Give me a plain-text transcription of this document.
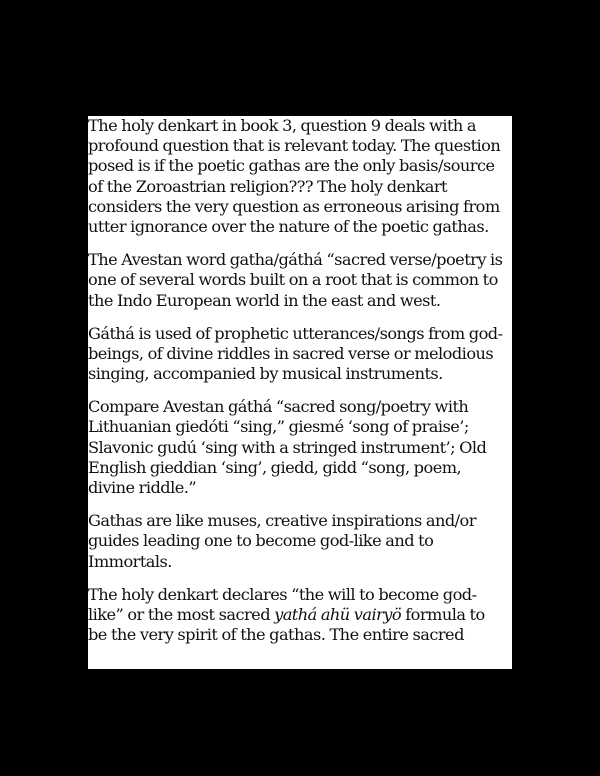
The holy denkart in book 3, question 9 deals with a
profound question that is relevant today. The question
posed is if the poetic gathas are the only basis/source
of the Zoroastrian religion??? The holy denkart
considers the very question as erroneous arising from
utter ignorance over the nature of the poetic gathas.
The Avestan word gatha/gáthá “sacred verse/poetry is
one of several words built on a root that is common to
the Indo European world in the east and west.
Gáthá is used of prophetic utterances/songs from god-
beings, of divine riddles in sacred verse or melodious
singing, accompanied by musical instruments.
Compare Avestan gáthá “sacred song/poetry with
Lithuanian giedóti “sing,” giesmé ‘song of praise’;
Slavonic gudú ‘sing with a stringed instrument’; Old
English gieddian ‘sing’, giedd, gidd “song, poem,
divine riddle.”
Gathas are like muses, creative inspirations and/or
guides leading one to become god-like and to
Immortals.
The holy denkart declares “the will to become god-
like” or the most sacred yathá ahü vairyö formula to
be the very spirit of the gathas. The entire sacred
